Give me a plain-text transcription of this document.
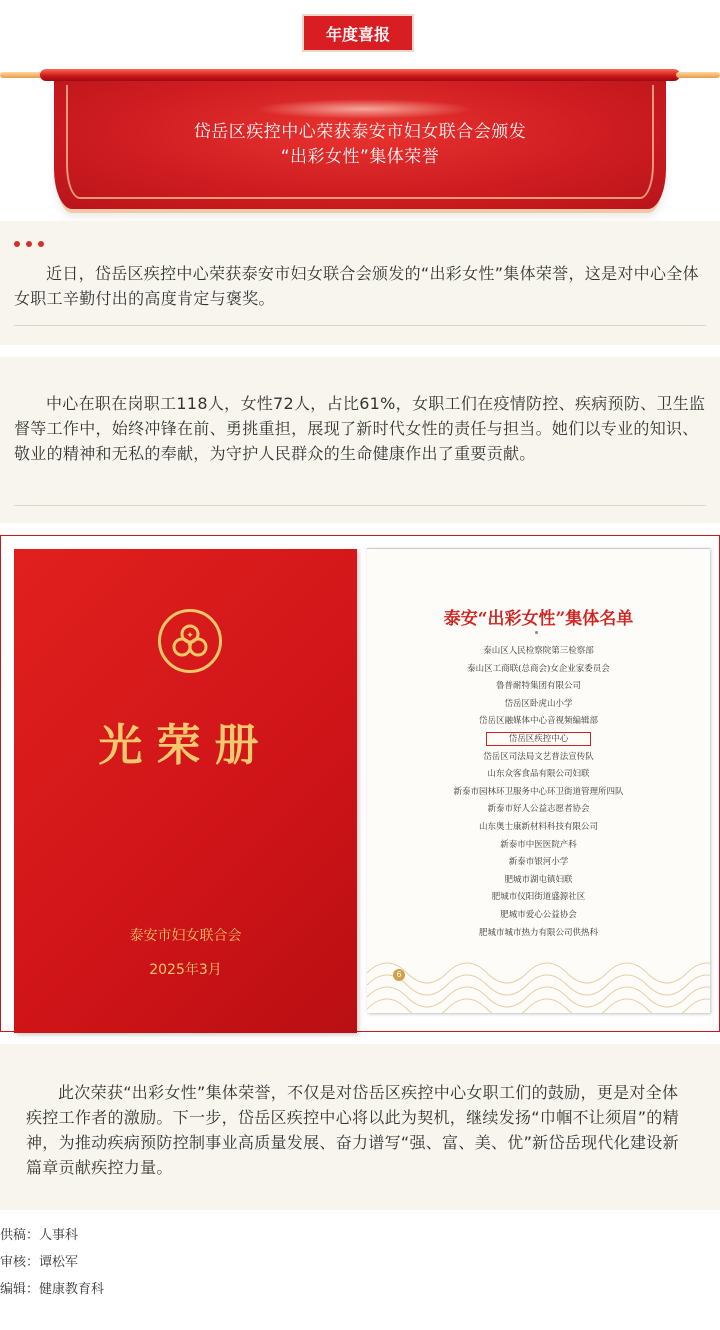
年度喜报
岱岳区疾控中心荣获泰安市妇女联合会颁发
“出彩女性”集体荣誉
近日，岱岳区疾控中心荣获泰安市妇女联合会颁发的“出彩女性”集体荣誉，这是对中心全体女职工辛勤付出的高度肯定与褒奖。
中心在职在岗职工118人，女性72人，占比61%，女职工们在疫情防控、疾病预防、卫生监督等工作中，始终冲锋在前、勇挑重担，展现了新时代女性的责任与担当。她们以专业的知识、敬业的精神和无私的奉献，为守护人民群众的生命健康作出了重要贡献。
✦
光荣册
泰安市妇女联合会
2025年3月
泰安“出彩女性”集体名单
泰山区人民检察院第三检察部
泰山区工商联(总商会)女企业家委员会
鲁普耐特集团有限公司
岱岳区卧虎山小学
岱岳区融媒体中心音视频编辑部
岱岳区疾控中心
岱岳区司法局文艺普法宣传队
山东众客食品有限公司妇联
新泰市园林环卫服务中心环卫街道管理所四队
新泰市好人公益志愿者协会
山东奥士康新材料科技有限公司
新泰市中医医院产科
新泰市银河小学
肥城市湖屯镇妇联
肥城市仪阳街道盛源社区
肥城市爱心公益协会
肥城市城市热力有限公司供热科
6
此次荣获“出彩女性”集体荣誉，不仅是对岱岳区疾控中心女职工们的鼓励，更是对全体疾控工作者的激励。下一步，岱岳区疾控中心将以此为契机，继续发扬“巾帼不让须眉”的精神，为推动疾病预防控制事业高质量发展、奋力谱写“强、富、美、优”新岱岳现代化建设新篇章贡献疾控力量。
供稿：人事科
审核：谭松军
编辑：健康教育科
